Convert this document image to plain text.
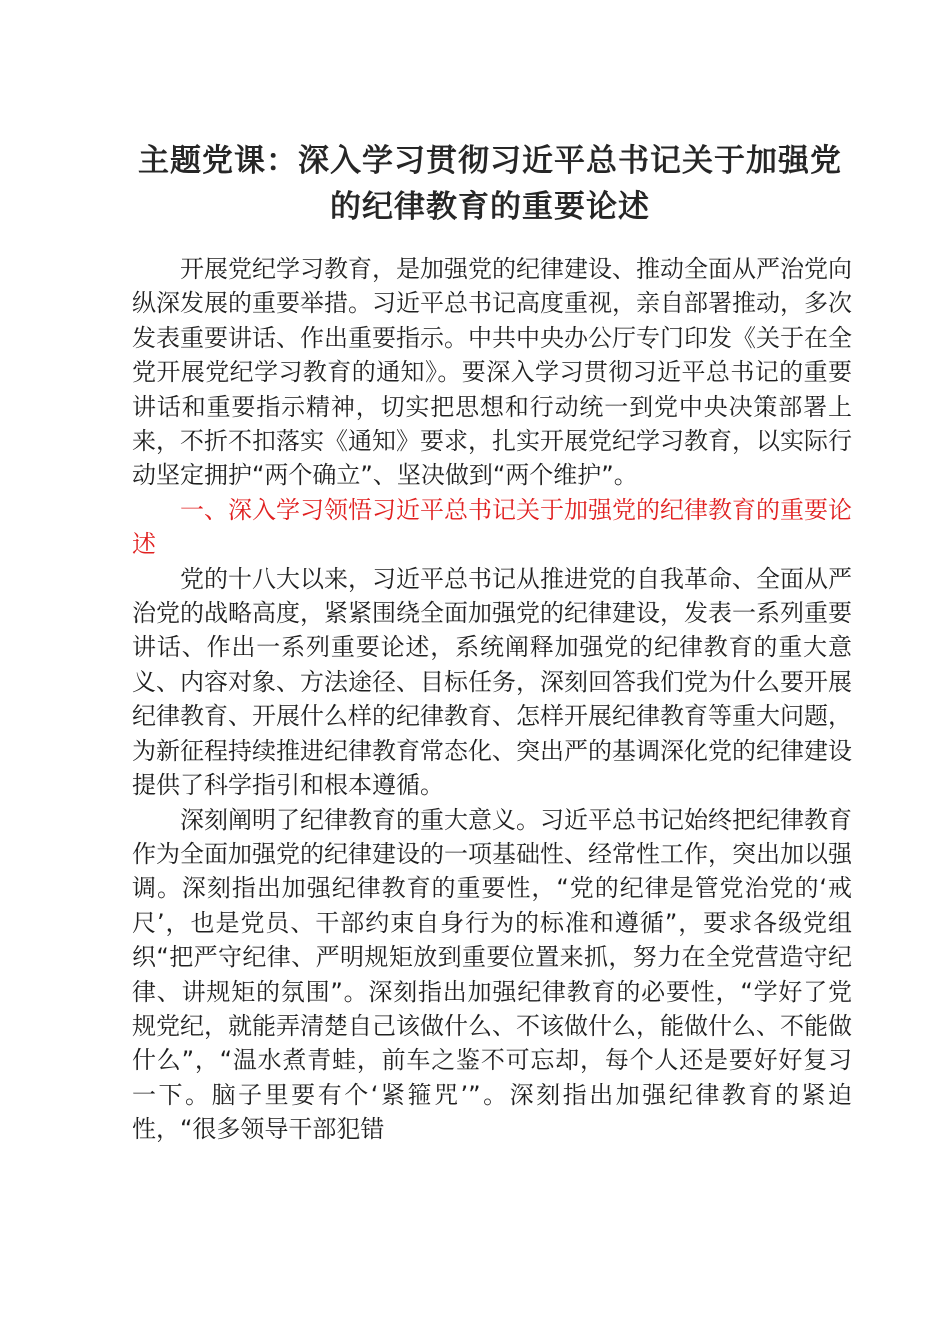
主题党课：深入学习贯彻习近平总书记关于加强党的纪律教育的重要论述

开展党纪学习教育，是加强党的纪律建设、推动全面从严治党向纵深发展的重要举措。习近平总书记高度重视，亲自部署推动，多次发表重要讲话、作出重要指示。中共中央办公厅专门印发《关于在全党开展党纪学习教育的通知》。要深入学习贯彻习近平总书记的重要讲话和重要指示精神，切实把思想和行动统一到党中央决策部署上来，不折不扣落实《通知》要求，扎实开展党纪学习教育，以实际行动坚定拥护“两个确立”、坚决做到“两个维护”。

一、深入学习领悟习近平总书记关于加强党的纪律教育的重要论述

党的十八大以来，习近平总书记从推进党的自我革命、全面从严治党的战略高度，紧紧围绕全面加强党的纪律建设，发表一系列重要讲话、作出一系列重要论述，系统阐释加强党的纪律教育的重大意义、内容对象、方法途径、目标任务，深刻回答我们党为什么要开展纪律教育、开展什么样的纪律教育、怎样开展纪律教育等重大问题，为新征程持续推进纪律教育常态化、突出严的基调深化党的纪律建设提供了科学指引和根本遵循。

深刻阐明了纪律教育的重大意义。习近平总书记始终把纪律教育作为全面加强党的纪律建设的一项基础性、经常性工作，突出加以强调。深刻指出加强纪律教育的重要性，“党的纪律是管党治党的‘戒尺’，也是党员、干部约束自身行为的标准和遵循”，要求各级党组织“把严守纪律、严明规矩放到重要位置来抓，努力在全党营造守纪律、讲规矩的氛围”。深刻指出加强纪律教育的必要性，“学好了党规党纪，就能弄清楚自己该做什么、不该做什么，能做什么、不能做什么”，“温水煮青蛙，前车之鉴不可忘却，每个人还是要好好复习一下。脑子里要有个‘紧箍咒’”。深刻指出加强纪律教育的紧迫性，“很多领导干部犯错
